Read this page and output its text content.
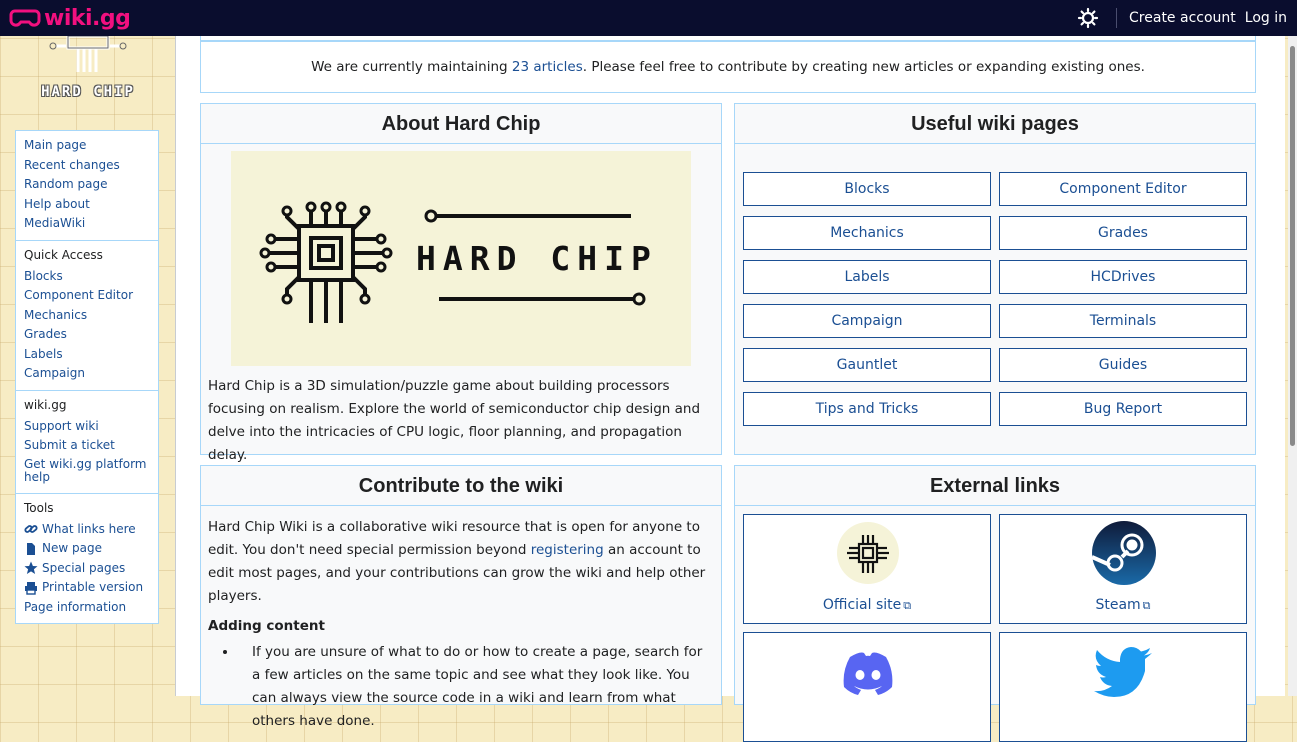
wiki.gg	Create account Log in
HARD CHIP
Main page
Recent changes
Random page
Help about MediaWiki
Quick Access
Blocks
Component Editor
Mechanics
Grades
Labels
Campaign
wiki.gg
Support wiki
Submit a ticket
Get wiki.gg platform help
Tools
What links here
New page
Special pages
Printable version
Page information
We are currently maintaining 23 articles . Please feel free to contribute by creating new articles or expanding existing ones.
About Hard Chip
HARD CHIP
Hard Chip is a 3D simulation/puzzle game about building processors focusing on realism. Explore the world of semiconductor chip design and delve into the intricacies of CPU logic, floor planning, and propagation delay.
Useful wiki pages
Blocks	Component Editor
Mechanics	Grades
Labels	HCDrives
Campaign	Terminals
Gauntlet	Guides
Tips and Tricks	Bug Report
Contribute to the wiki

Hard Chip Wiki is a collaborative wiki resource that is open for anyone to edit. You don't need special permission beyond registering an account to edit most pages, and your contributions can grow the wiki and help other players.

Adding content
• If you are unsure of what to do or how to create a page, search for a few articles on the same topic and see what they look like. You can always view the source code in a wiki and learn from what others have done.
External links
Official site ⧉	Steam ⧉
